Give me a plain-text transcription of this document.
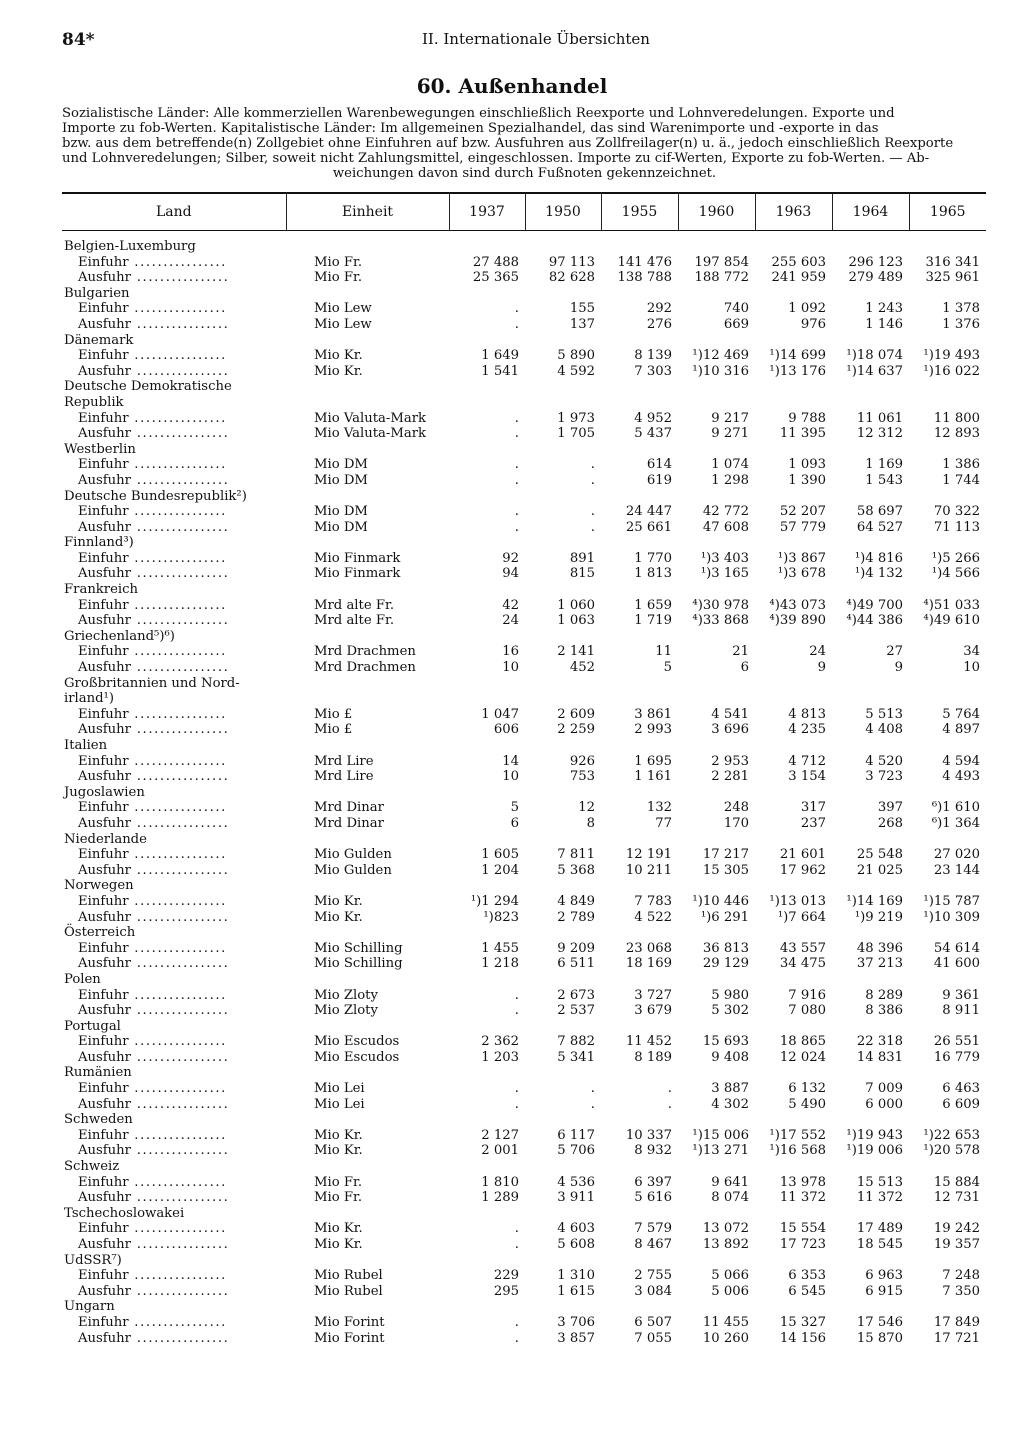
84*	II. Internationale Übersichten
60. Außenhandel
Sozialistische Länder: Alle kommerziellen Warenbewegungen einschließlich Reexporte und Lohnveredelungen. Exporte und
Importe zu fob-Werten. Kapitalistische Länder: Im allgemeinen Spezialhandel, das sind Warenimporte und -exporte in das
bzw. aus dem betreffende(n) Zollgebiet ohne Einfuhren auf bzw. Ausfuhren aus Zollfreilager(n) u. ä., jedoch einschließlich Reexporte
und Lohnveredelungen; Silber, soweit nicht Zahlungsmittel, eingeschlossen. Importe zu cif-Werten, Exporte zu fob-Werten. — Ab-
weichungen davon sind durch Fußnoten gekennzeichnet.
Land	Einheit	1937	1950	1955	1960	1963	1964	1965

Belgien-Luxemburg								
Einfuhr ................	Mio Fr.	27 488	97 113	141 476	197 854	255 603	296 123	316 341
Ausfuhr ................	Mio Fr.	25 365	82 628	138 788	188 772	241 959	279 489	325 961
Bulgarien								
Einfuhr ................	Mio Lew	.	155	292	740	1 092	1 243	1 378
Ausfuhr ................	Mio Lew	.	137	276	669	976	1 146	1 376
Dänemark								
Einfuhr ................	Mio Kr.	1 649	5 890	8 139	¹)12 469	¹)14 699	¹)18 074	¹)19 493
Ausfuhr ................	Mio Kr.	1 541	4 592	7 303	¹)10 316	¹)13 176	¹)14 637	¹)16 022
Deutsche Demokratische								
Republik								
Einfuhr ................	Mio Valuta-Mark	.	1 973	4 952	9 217	9 788	11 061	11 800
Ausfuhr ................	Mio Valuta-Mark	.	1 705	5 437	9 271	11 395	12 312	12 893
Westberlin								
Einfuhr ................	Mio DM	.	.	614	1 074	1 093	1 169	1 386
Ausfuhr ................	Mio DM	.	.	619	1 298	1 390	1 543	1 744
Deutsche Bundesrepublik²)								
Einfuhr ................	Mio DM	.	.	24 447	42 772	52 207	58 697	70 322
Ausfuhr ................	Mio DM	.	.	25 661	47 608	57 779	64 527	71 113
Finnland³)								
Einfuhr ................	Mio Finmark	92	891	1 770	¹)3 403	¹)3 867	¹)4 816	¹)5 266
Ausfuhr ................	Mio Finmark	94	815	1 813	¹)3 165	¹)3 678	¹)4 132	¹)4 566
Frankreich								
Einfuhr ................	Mrd alte Fr.	42	1 060	1 659	⁴)30 978	⁴)43 073	⁴)49 700	⁴)51 033
Ausfuhr ................	Mrd alte Fr.	24	1 063	1 719	⁴)33 868	⁴)39 890	⁴)44 386	⁴)49 610
Griechenland⁵)⁶)								
Einfuhr ................	Mrd Drachmen	16	2 141	11	21	24	27	34
Ausfuhr ................	Mrd Drachmen	10	452	5	6	9	9	10
Großbritannien und Nord-								
irland¹)								
Einfuhr ................	Mio £	1 047	2 609	3 861	4 541	4 813	5 513	5 764
Ausfuhr ................	Mio £	606	2 259	2 993	3 696	4 235	4 408	4 897
Italien								
Einfuhr ................	Mrd Lire	14	926	1 695	2 953	4 712	4 520	4 594
Ausfuhr ................	Mrd Lire	10	753	1 161	2 281	3 154	3 723	4 493
Jugoslawien								
Einfuhr ................	Mrd Dinar	5	12	132	248	317	397	⁶)1 610
Ausfuhr ................	Mrd Dinar	6	8	77	170	237	268	⁶)1 364
Niederlande								
Einfuhr ................	Mio Gulden	1 605	7 811	12 191	17 217	21 601	25 548	27 020
Ausfuhr ................	Mio Gulden	1 204	5 368	10 211	15 305	17 962	21 025	23 144
Norwegen								
Einfuhr ................	Mio Kr.	¹)1 294	4 849	7 783	¹)10 446	¹)13 013	¹)14 169	¹)15 787
Ausfuhr ................	Mio Kr.	¹)823	2 789	4 522	¹)6 291	¹)7 664	¹)9 219	¹)10 309
Österreich								
Einfuhr ................	Mio Schilling	1 455	9 209	23 068	36 813	43 557	48 396	54 614
Ausfuhr ................	Mio Schilling	1 218	6 511	18 169	29 129	34 475	37 213	41 600
Polen								
Einfuhr ................	Mio Zloty	.	2 673	3 727	5 980	7 916	8 289	9 361
Ausfuhr ................	Mio Zloty	.	2 537	3 679	5 302	7 080	8 386	8 911
Portugal								
Einfuhr ................	Mio Escudos	2 362	7 882	11 452	15 693	18 865	22 318	26 551
Ausfuhr ................	Mio Escudos	1 203	5 341	8 189	9 408	12 024	14 831	16 779
Rumänien								
Einfuhr ................	Mio Lei	.	.	.	3 887	6 132	7 009	6 463
Ausfuhr ................	Mio Lei	.	.	.	4 302	5 490	6 000	6 609
Schweden								
Einfuhr ................	Mio Kr.	2 127	6 117	10 337	¹)15 006	¹)17 552	¹)19 943	¹)22 653
Ausfuhr ................	Mio Kr.	2 001	5 706	8 932	¹)13 271	¹)16 568	¹)19 006	¹)20 578
Schweiz								
Einfuhr ................	Mio Fr.	1 810	4 536	6 397	9 641	13 978	15 513	15 884
Ausfuhr ................	Mio Fr.	1 289	3 911	5 616	8 074	11 372	11 372	12 731
Tschechoslowakei								
Einfuhr ................	Mio Kr.	.	4 603	7 579	13 072	15 554	17 489	19 242
Ausfuhr ................	Mio Kr.	.	5 608	8 467	13 892	17 723	18 545	19 357
UdSSR⁷)								
Einfuhr ................	Mio Rubel	229	1 310	2 755	5 066	6 353	6 963	7 248
Ausfuhr ................	Mio Rubel	295	1 615	3 084	5 006	6 545	6 915	7 350
Ungarn								
Einfuhr ................	Mio Forint	.	3 706	6 507	11 455	15 327	17 546	17 849
Ausfuhr ................	Mio Forint	.	3 857	7 055	10 260	14 156	15 870	17 721
